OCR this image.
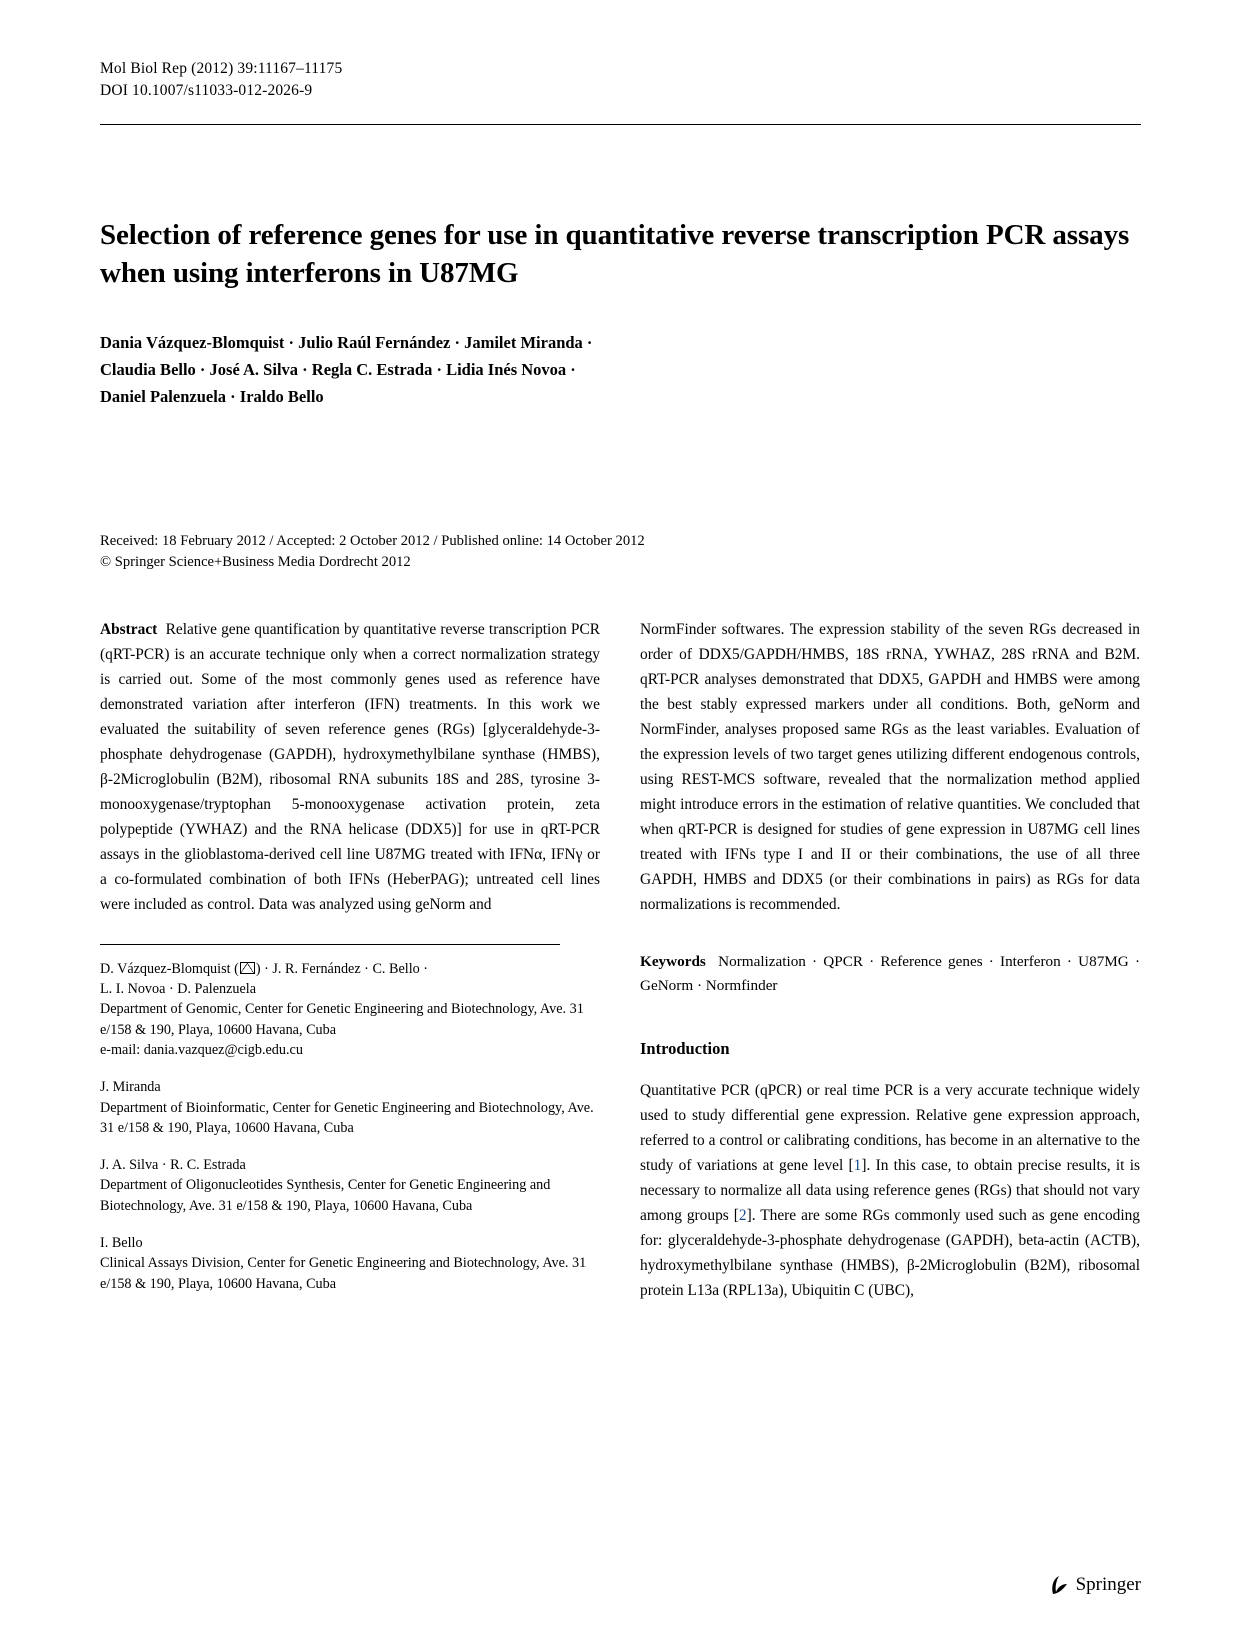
Mol Biol Rep (2012) 39:11167–11175
DOI 10.1007/s11033-012-2026-9
Selection of reference genes for use in quantitative reverse transcription PCR assays when using interferons in U87MG
Dania Vázquez-Blomquist · Julio Raúl Fernández · Jamilet Miranda ·
Claudia Bello · José A. Silva · Regla C. Estrada · Lidia Inés Novoa ·
Daniel Palenzuela · Iraldo Bello
Received: 18 February 2012 / Accepted: 2 October 2012 / Published online: 14 October 2012
© Springer Science+Business Media Dordrecht 2012
Abstract Relative gene quantification by quantitative reverse transcription PCR (qRT-PCR) is an accurate technique only when a correct normalization strategy is carried out. Some of the most commonly genes used as reference have demonstrated variation after interferon (IFN) treatments. In this work we evaluated the suitability of seven reference genes (RGs) [glyceraldehyde-3-phosphate dehydrogenase (GAPDH), hydroxymethylbilane synthase (HMBS), β-2Microglobulin (B2M), ribosomal RNA subunits 18S and 28S, tyrosine 3-monooxygenase/tryptophan 5-monooxygenase activation protein, zeta polypeptide (YWHAZ) and the RNA helicase (DDX5)] for use in qRT-PCR assays in the glioblastoma-derived cell line U87MG treated with IFNα, IFNγ or a co-formulated combination of both IFNs (HeberPAG); untreated cell lines were included as control. Data was analyzed using geNorm and

D. Vázquez-Blomquist ( ) · J. R. Fernández · C. Bello ·
L. I. Novoa · D. Palenzuela
Department of Genomic, Center for Genetic Engineering and Biotechnology, Ave. 31 e/158 & 190, Playa, 10600 Havana, Cuba
e-mail: dania.vazquez@cigb.edu.cu

J. Miranda
Department of Bioinformatic, Center for Genetic Engineering and Biotechnology, Ave. 31 e/158 & 190, Playa, 10600 Havana, Cuba

J. A. Silva · R. C. Estrada
Department of Oligonucleotides Synthesis, Center for Genetic Engineering and Biotechnology, Ave. 31 e/158 & 190, Playa, 10600 Havana, Cuba

I. Bello
Clinical Assays Division, Center for Genetic Engineering and Biotechnology, Ave. 31 e/158 & 190, Playa, 10600 Havana, Cuba

NormFinder softwares. The expression stability of the seven RGs decreased in order of DDX5/GAPDH/HMBS, 18S rRNA, YWHAZ, 28S rRNA and B2M. qRT-PCR analyses demonstrated that DDX5, GAPDH and HMBS were among the best stably expressed markers under all conditions. Both, geNorm and NormFinder, analyses proposed same RGs as the least variables. Evaluation of the expression levels of two target genes utilizing different endogenous controls, using REST-MCS software, revealed that the normalization method applied might introduce errors in the estimation of relative quantities. We concluded that when qRT-PCR is designed for studies of gene expression in U87MG cell lines treated with IFNs type I and II or their combinations, the use of all three GAPDH, HMBS and DDX5 (or their combinations in pairs) as RGs for data normalizations is recommended.
Keywords Normalization · QPCR · Reference genes · Interferon · U87MG · GeNorm · Normfinder
Introduction
Quantitative PCR (qPCR) or real time PCR is a very accurate technique widely used to study differential gene expression. Relative gene expression approach, referred to a control or calibrating conditions, has become in an alternative to the study of variations at gene level [1]. In this case, to obtain precise results, it is necessary to normalize all data using reference genes (RGs) that should not vary among groups [2]. There are some RGs commonly used such as gene encoding for: glyceraldehyde-3-phosphate dehydrogenase (GAPDH), beta-actin (ACTB), hydroxymethylbilane synthase (HMBS), β-2Microglobulin (B2M), ribosomal protein L13a (RPL13a), Ubiquitin C (UBC),
Springer
